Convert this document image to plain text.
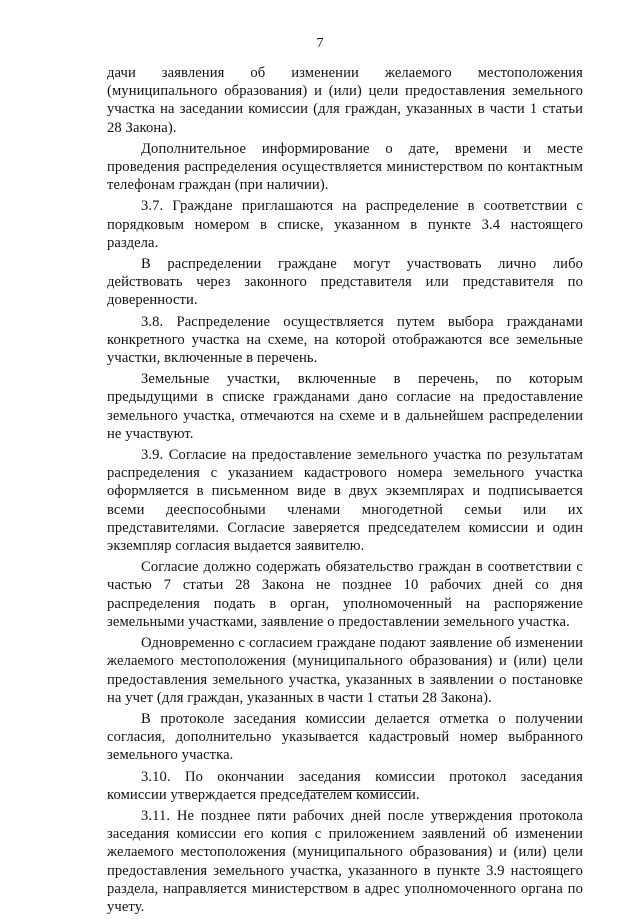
7

дачи заявления об изменении желаемого местоположения (муниципального образования) и (или) цели предоставления земельного участка на заседании комиссии (для граждан, указанных в части 1 статьи 28 Закона).

Дополнительное информирование о дате, времени и месте проведения распределения осуществляется министерством по контактным телефонам граждан (при наличии).

3.7. Граждане приглашаются на распределение в соответствии с порядковым номером в списке, указанном в пункте 3.4 настоящего раздела.

В распределении граждане могут участвовать лично либо действовать через законного представителя или представителя по доверенности.

3.8. Распределение осуществляется путем выбора гражданами конкретного участка на схеме, на которой отображаются все земельные участки, включенные в перечень.

Земельные участки, включенные в перечень, по которым предыдущими в списке гражданами дано согласие на предоставление земельного участка, отмечаются на схеме и в дальнейшем распределении не участвуют.

3.9. Согласие на предоставление земельного участка по результатам распределения с указанием кадастрового номера земельного участка оформляется в письменном виде в двух экземплярах и подписывается всеми дееспособными членами многодетной семьи или их представителями. Согласие заверяется председателем комиссии и один экземпляр согласия выдается заявителю.

Согласие должно содержать обязательство граждан в соответствии с частью 7 статьи 28 Закона не позднее 10 рабочих дней со дня распределения подать в орган, уполномоченный на распоряжение земельными участками, заявление о предоставлении земельного участка.

Одновременно с согласием граждане подают заявление об изменении желаемого местоположения (муниципального образования) и (или) цели предоставления земельного участка, указанных в заявлении о постановке на учет (для граждан, указанных в части 1 статьи 28 Закона).

В протоколе заседания комиссии делается отметка о получении согласия, дополнительно указывается кадастровый номер выбранного земельного участка.

3.10. По окончании заседания комиссии протокол заседания комиссии утверждается председателем комиссии.

3.11. Не позднее пяти рабочих дней после утверждения протокола заседания комиссии его копия с приложением заявлений об изменении желаемого местоположения (муниципального образования) и (или) цели предоставления земельного участка, указанного в пункте 3.9 настоящего раздела, направляется министерством в адрес уполномоченного органа по учету.
